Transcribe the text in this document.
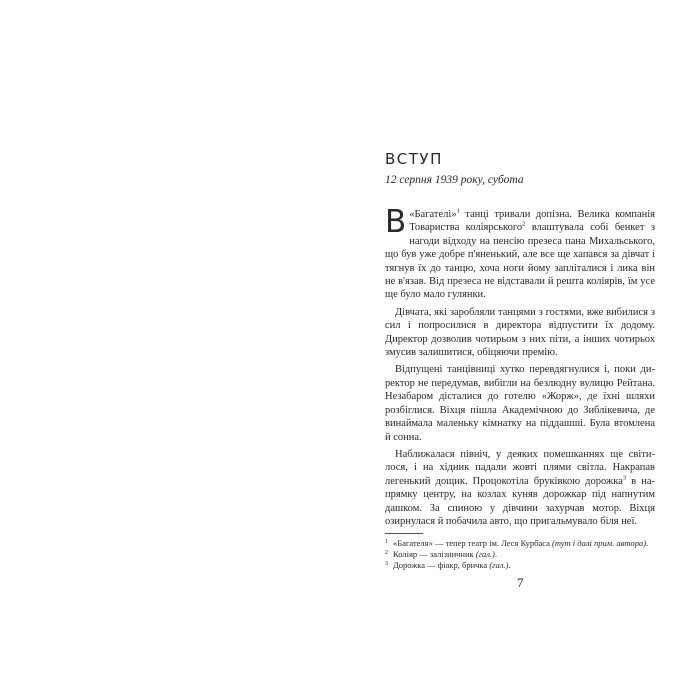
ВСТУП
12 серпня 1939 року, субота

В «Багателі»$^1$ танці тривали допізна. Велика компанія Товариства коліярського$^2$ влаштувала собі бенкет з нагоди відходу на пенсію презеса пана Михальського, що був уже добре п'яненький, але все ще хапався за дівчат і тягнув їх до танцю, хоча ноги йому запліталися і лика він не в'язав. Від презеса не відставали й решта коліярів, їм усе ще було мало гулянки.

Дівчата, які заробляли танцями з гостями, вже вибилися з сил і попросилися в директора відпустити їх додому. Директор дозволив чотирьом з них піти, а інших чотирьох змусив залишитися, обіцяючи премію.

Відпущені танцівниці хутко перевдягнулися і, поки директор не передумав, вибігли на безлюдну вулицю Рейтана. Незабаром дісталися до готелю «Жорж», де їхні шляхи розбіглися. Віхця пішла Академічною до Зиблікевича, де винаймала маленьку кімнатку на піддашші. Була втомлена й сонна.

Наближалася північ, у деяких помешканнях ще світилося, і на хідник падали жовті плями світла. Накрапав легенький дощик. Процокотіла бруківкою дорожка$^3$ в напрямку центру, на козлах куняв дорожкар під напнутим дашком. За спиною у дівчини захурчав мотор. Віхця озирнулася й побачила авто, що пригальмувало біля неї.

1 «Багателя» — тепер театр ім. Леся Курбаса (тут і далі прим. автора).

2 Коліяр — залізничник (гал.).

3 Дорожка — фіакр, бричка (гал.).

7
